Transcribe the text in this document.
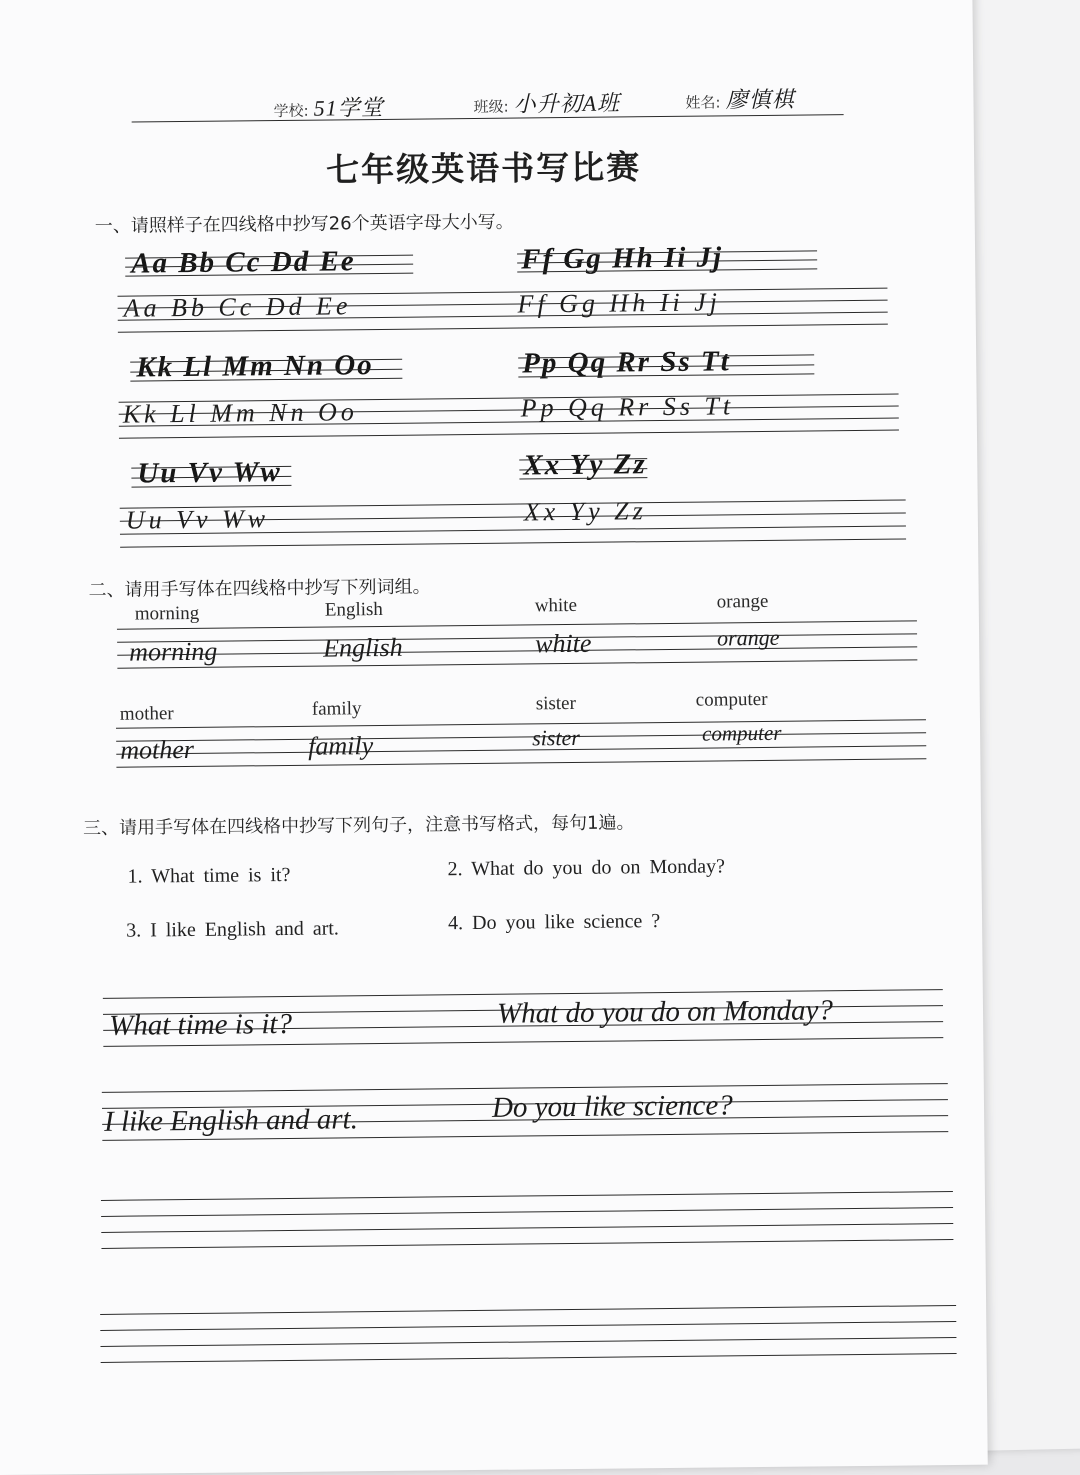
学校: 51学堂	班级: 小升初A班	姓名: 廖慎棋
七年级英语书写比赛
一、请照样子在四线格中抄写26个英语字母大小写。
Aa Bb Cc Dd Ee	Ff Gg Hh Ii Jj
Aa Bb Cc Dd Ee	Ff Gg Hh Ii Jj
Kk Ll Mm Nn Oo	Pp Qq Rr Ss Tt
Kk Ll Mm Nn Oo	Pp Qq Rr Ss Tt
Uu Vv Ww	Xx Yy Zz
Uu Vv Ww	Xx Yy Zz
二、请用手写体在四线格中抄写下列词组。
morning	English	white	orange
morning	English	white	orange
mother	family	sister	computer
mother	family	sister	computer
三、请用手写体在四线格中抄写下列句子，注意书写格式，每句1遍。
1. What time is it?	2. What do you do on Monday?
3. I like English and art.	4. Do you like science ?
What time is it?	What do you do on Monday?
I like English and art.	Do you like science?
